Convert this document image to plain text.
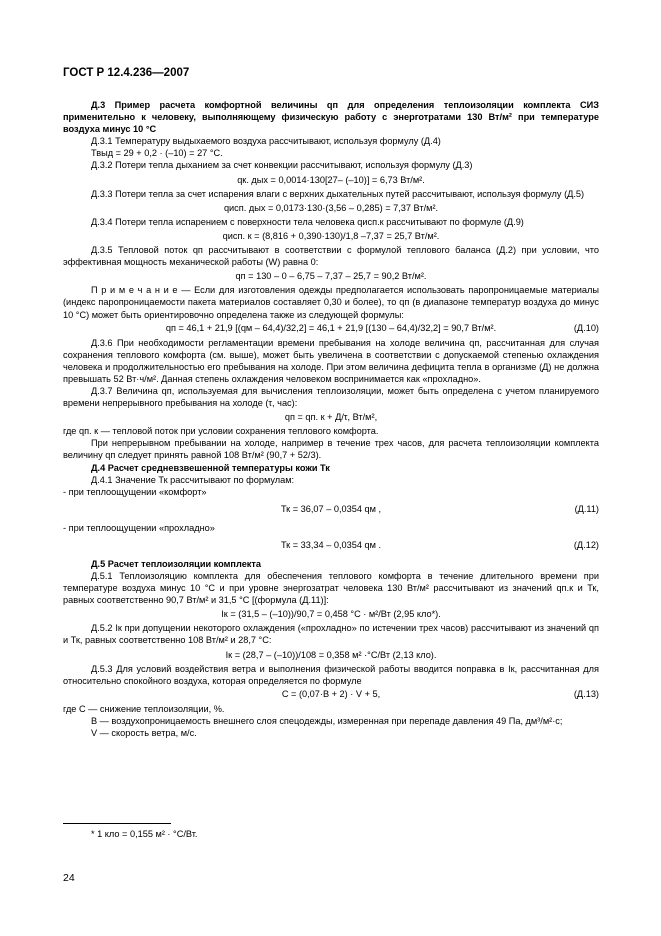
ГОСТ Р 12.4.236—2007

Д.3 Пример расчета комфортной величины qп для определения теплоизоляции комплекта СИЗ применительно к человеку, выполняющему физическую работу с энерготратами 130 Вт/м² при температуре воздуха минус 10 °С

Д.3.1 Температуру выдыхаемого воздуха рассчитывают, используя формулу (Д.4)

Твыд = 29 + 0,2 · (–10) = 27 °С.

Д.3.2 Потери тепла дыханием за счет конвекции рассчитывают, используя формулу (Д.3)

qк. дых = 0,0014·130[27– (–10)] = 6,73 Вт/м².

Д.3.3 Потери тепла за счет испарения влаги с верхних дыхательных путей рассчитывают, используя формулу (Д.5)

qисп. дых = 0,0173·130·(3,56 – 0,285) = 7,37 Вт/м².

Д.3.4 Потери тепла испарением с поверхности тела человека qисп.к рассчитывают по формуле (Д.9)

qисп. к = (8,816 + 0,390·130)/1,8 –7,37 = 25,7 Вт/м².

Д.3.5 Тепловой поток qп рассчитывают в соответствии с формулой теплового баланса (Д.2) при условии, что эффективная мощность механической работы (W) равна 0:

qп = 130 – 0 – 6,75 – 7,37 – 25,7 = 90,2 Вт/м².

П р и м е ч а н и е — Если для изготовления одежды предполагается использовать паропроницаемые материалы (индекс паропроницаемости пакета материалов составляет 0,30 и более), то qп (в диапазоне температур воздуха до минус 10 °С) может быть ориентировочно определена также из следующей формулы:

qп = 46,1 + 21,9 [(qм – 64,4)/32,2] = 46,1 + 21,9 [(130 – 64,4)/32,2] = 90,7 Вт/м².	(Д.10)

Д.3.6 При необходимости регламентации времени пребывания на холоде величина qп, рассчитанная для случая сохранения теплового комфорта (см. выше), может быть увеличена в соответствии с допускаемой степенью охлаждения человека и продолжительностью его пребывания на холоде. При этом величина дефицита тепла в организме (Д) не должна превышать 52 Вт·ч/м². Данная степень охлаждения человеком воспринимается как «прохладно».

Д.3.7 Величина qп, используемая для вычисления теплоизоляции, может быть определена с учетом планируемого времени непрерывного пребывания на холоде (τ, час):

qп = qп. к + Д/τ, Вт/м²,

где qп. к — тепловой поток при условии сохранения теплового комфорта.

При непрерывном пребывании на холоде, например в течение трех часов, для расчета теплоизоляции комплекта величину qп следует принять равной 108 Вт/м² (90,7 + 52/3).

Д.4 Расчет средневзвешенной температуры кожи Тк

Д.4.1 Значение Тк рассчитывают по формулам:

- при теплоощущении «комфорт»

Тк = 36,07 – 0,0354 qм ,	(Д.11)

- при теплоощущении «прохладно»

Тк = 33,34 – 0,0354 qм .	(Д.12)

Д.5 Расчет теплоизоляции комплекта

Д.5.1 Теплоизоляцию комплекта для обеспечения теплового комфорта в течение длительного времени при температуре воздуха минус 10 °С и при уровне энергозатрат человека 130 Вт/м² рассчитывают из значений qп.к и Тк, равных соответственно 90,7 Вт/м² и 31,5 °С [(формула (Д.11)]:

Iк = (31,5 – (–10))/90,7 = 0,458 °С · м²/Вт (2,95 кло*).

Д.5.2 Iк при допущении некоторого охлаждения («прохладно» по истечении трех часов) рассчитывают из значений qп и Тк, равных соответственно 108 Вт/м² и 28,7 °С:

Iк = (28,7 – (–10))/108 = 0,358 м² ·°С/Вт (2,13 кло).

Д.5.3 Для условий воздействия ветра и выполнения физической работы вводится поправка в Iк, рассчитанная для относительно спокойного воздуха, которая определяется по формуле

С = (0,07·В + 2) · V + 5,	(Д.13)

где С — снижение теплоизоляции, %.

В — воздухопроницаемость внешнего слоя спецодежды, измеренная при перепаде давления 49 Па, дм³/м²·с;

V — скорость ветра, м/с.

* 1 кло = 0,155 м² · °С/Вт.
24
